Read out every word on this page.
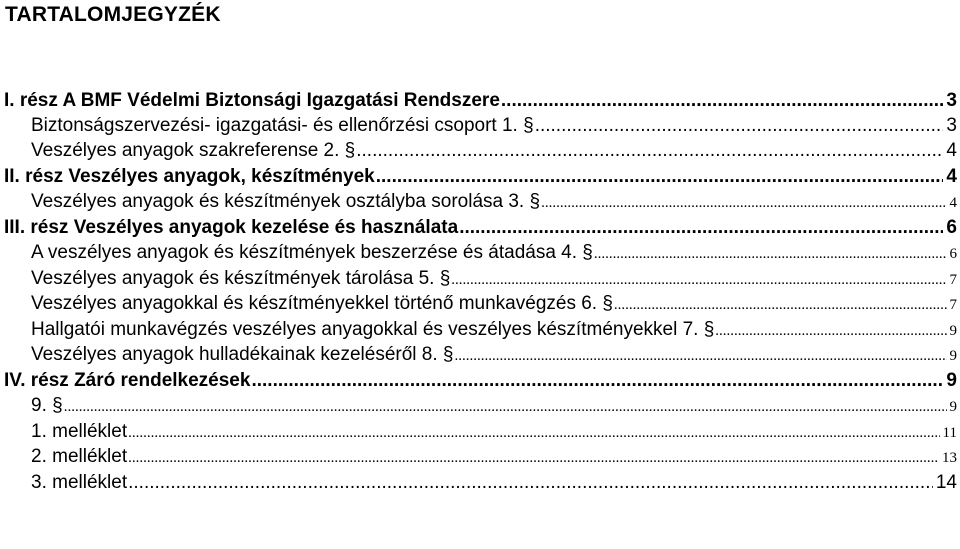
TARTALOMJEGYZÉK
I. rész A BMF Védelmi Biztonsági Igazgatási Rendszere .....	3
Biztonságszervezési- igazgatási- és ellenőrzési csoport 1. § .....	3
Veszélyes anyagok szakreferense 2. § .....	4
II. rész Veszélyes anyagok, készítmények .....	4
Veszélyes anyagok és készítmények osztályba sorolása 3. § .....	4
III. rész Veszélyes anyagok kezelése és használata .....	6
A veszélyes anyagok és készítmények beszerzése és átadása 4. § .....	6
Veszélyes anyagok és készítmények tárolása 5. § .....	7
Veszélyes anyagokkal és készítményekkel történő munkavégzés 6. § .....	7
Hallgatói munkavégzés veszélyes anyagokkal és veszélyes készítményekkel 7. § .....	9
Veszélyes anyagok hulladékainak kezeléséről 8. § .....	9
IV. rész Záró rendelkezések .....	9
9. § .....	9
1. melléklet .....	11
2. melléklet .....	13
3. melléklet .....	14
